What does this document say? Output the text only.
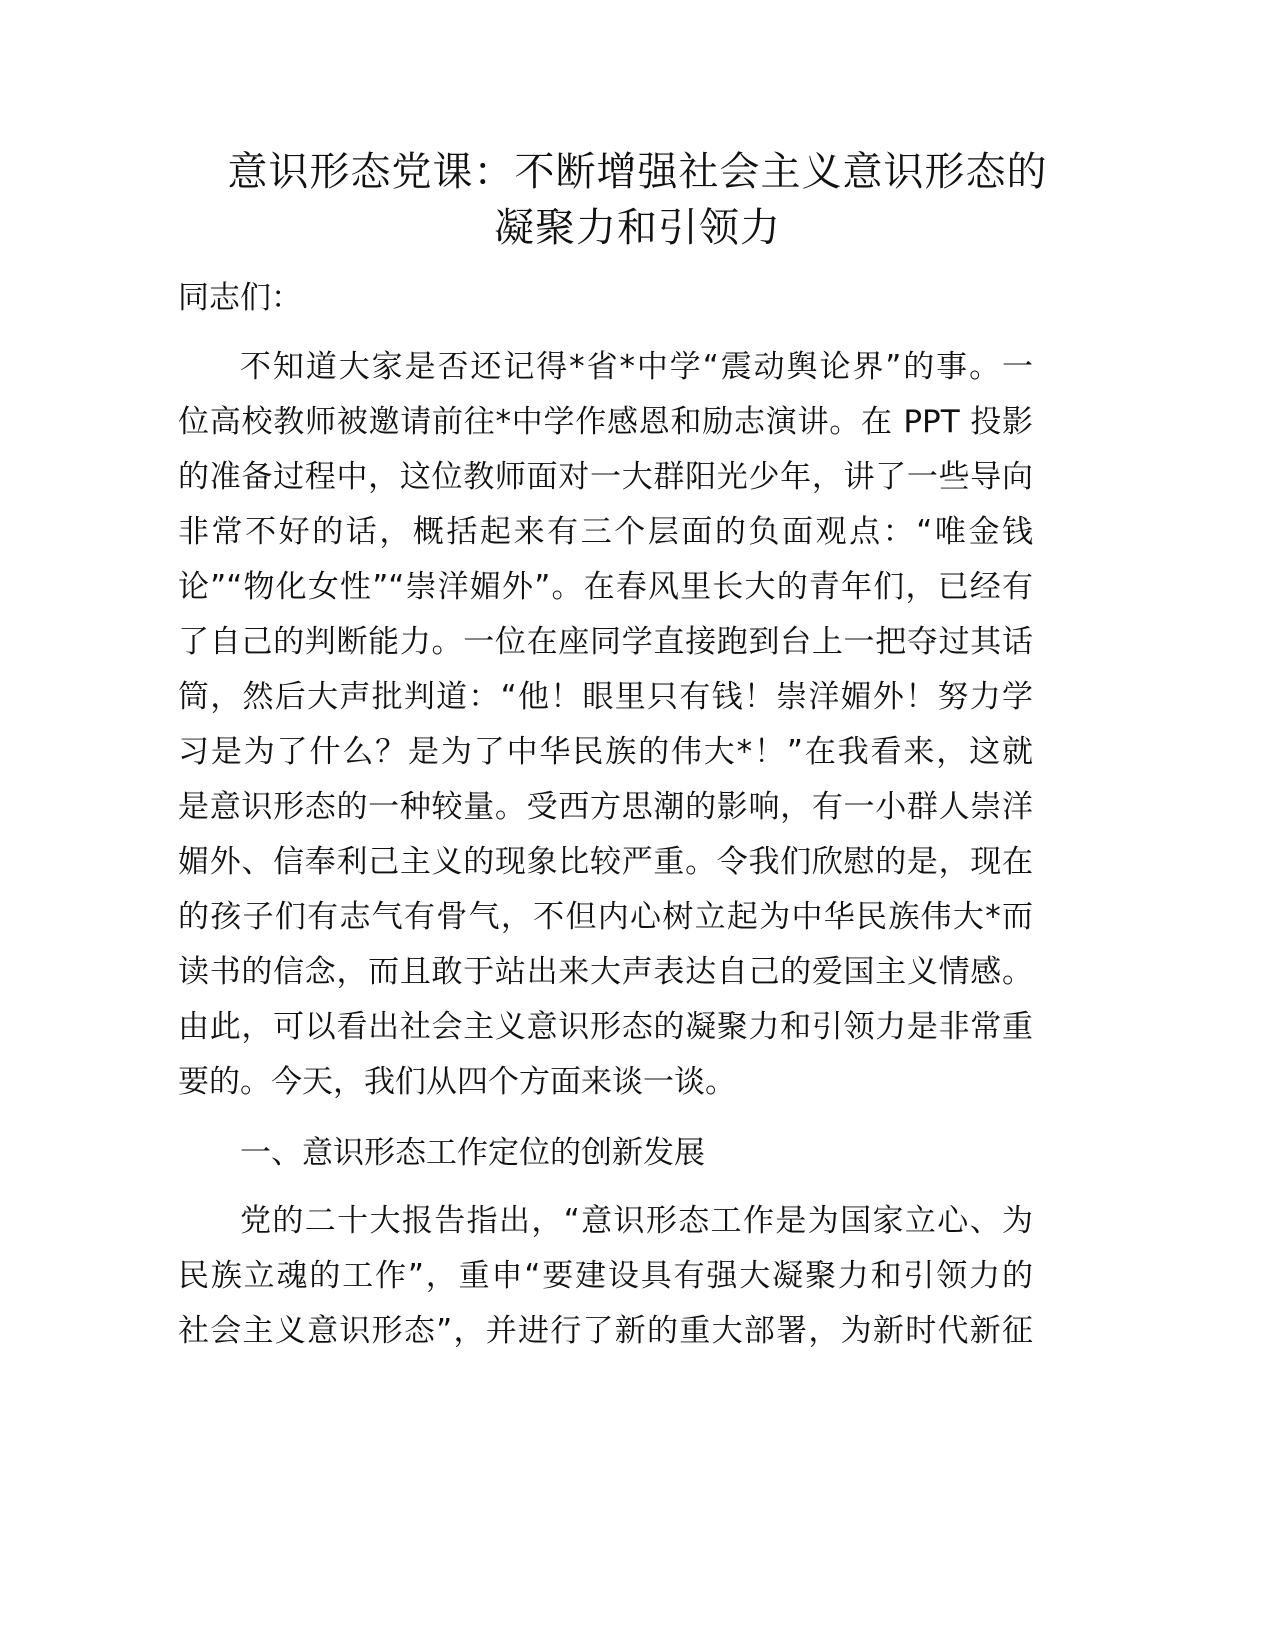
意识形态党课：不断增强社会主义意识形态的
凝聚力和引领力
同志们：
不知道大家是否还记得*省*中学“震动舆论界”的事。一
位高校教师被邀请前往*中学作感恩和励志演讲。在 PPT 投影
的准备过程中，这位教师面对一大群阳光少年，讲了一些导向
非常不好的话，概括起来有三个层面的负面观点：“唯金钱
论”“物化女性”“崇洋媚外”。在春风里长大的青年们，已经有
了自己的判断能力。一位在座同学直接跑到台上一把夺过其话
筒，然后大声批判道：“他！眼里只有钱！崇洋媚外！努力学
习是为了什么？是为了中华民族的伟大*！”在我看来，这就
是意识形态的一种较量。受西方思潮的影响，有一小群人崇洋
媚外、信奉利己主义的现象比较严重。令我们欣慰的是，现在
的孩子们有志气有骨气，不但内心树立起为中华民族伟大*而
读书的信念，而且敢于站出来大声表达自己的爱国主义情感。
由此，可以看出社会主义意识形态的凝聚力和引领力是非常重
要的。今天，我们从四个方面来谈一谈。
一、意识形态工作定位的创新发展
党的二十大报告指出，“意识形态工作是为国家立心、为
民族立魂的工作”，重申“要建设具有强大凝聚力和引领力的
社会主义意识形态”，并进行了新的重大部署，为新时代新征
